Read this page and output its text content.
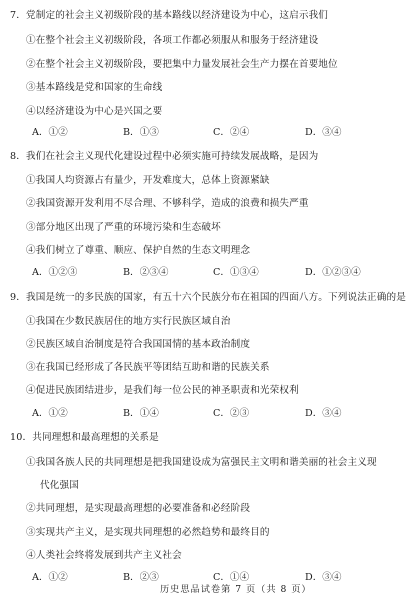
7．党制定的社会主义初级阶段的基本路线以经济建设为中心，这启示我们
①在整个社会主义初级阶段，各项工作都必须服从和服务于经济建设
②在整个社会主义初级阶段，要把集中力量发展社会生产力摆在首要地位
③基本路线是党和国家的生命线
④以经济建设为中心是兴国之要
A．①②	B．①③	C．②④	D．③④
8．我们在社会主义现代化建设过程中必须实施可持续发展战略，是因为
①我国人均资源占有量少，开发难度大，总体上资源紧缺
②我国资源开发利用不尽合理、不够科学，造成的浪费和损失严重
③部分地区出现了严重的环境污染和生态破坏
④我们树立了尊重、顺应、保护自然的生态文明理念
A．①②③	B．②③④	C．①③④	D．①②③④
9．我国是统一的多民族的国家，有五十六个民族分布在祖国的四面八方。下列说法正确的是
①我国在少数民族居住的地方实行民族区域自治
②民族区域自治制度是符合我国国情的基本政治制度
③在我国已经形成了各民族平等团结互助和谐的民族关系
④促进民族团结进步，是我们每一位公民的神圣职责和光荣权利
A．①②	B．①④	C．②③	D．③④
10．共同理想和最高理想的关系是
①我国各族人民的共同理想是把我国建设成为富强民主文明和谐美丽的社会主义现
代化强国
②共同理想，是实现最高理想的必要准备和必经阶段
③实现共产主义，是实现共同理想的必然趋势和最终目的
④人类社会终将发展到共产主义社会
A．①②	B．②③	C．①④	D．③④
历史思品试卷第 7 页（共 8 页）
